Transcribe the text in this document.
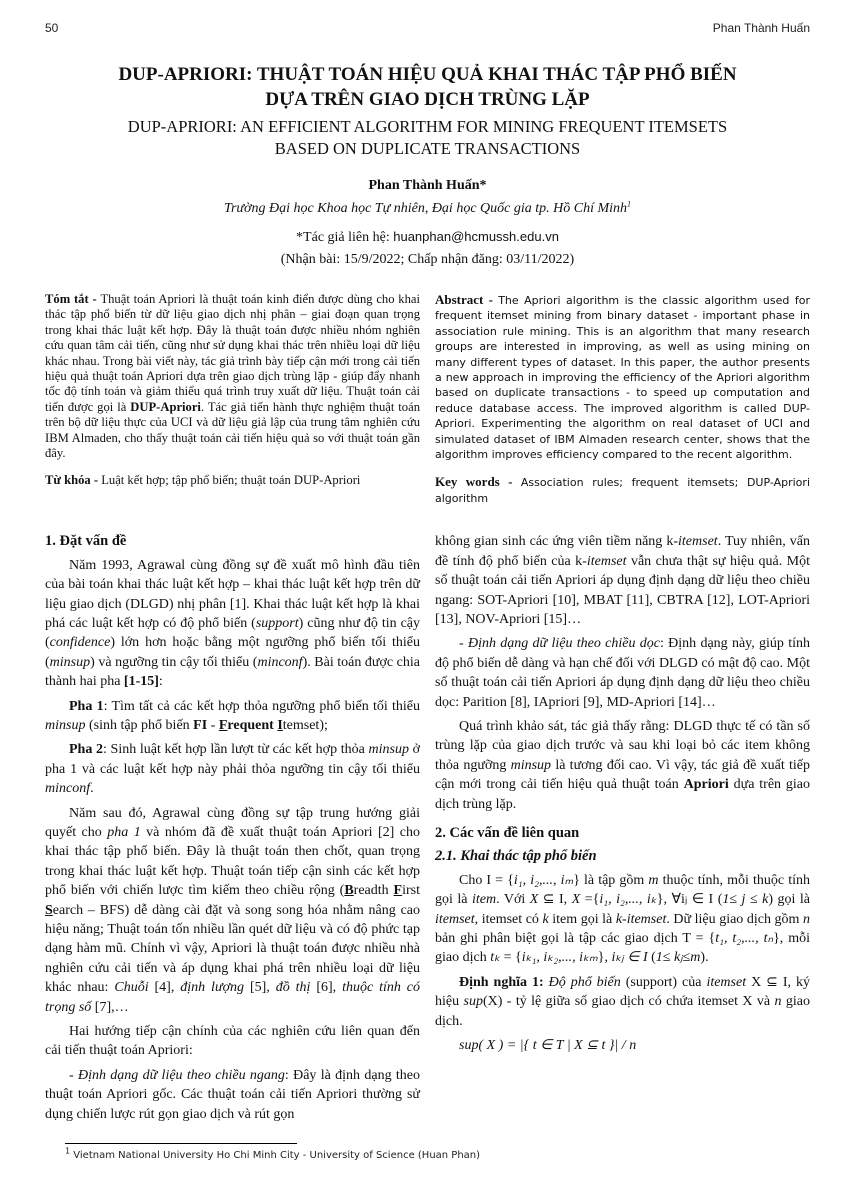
50	Phan Thành Huấn
DUP-APRIORI: THUẬT TOÁN HIỆU QUẢ KHAI THÁC TẬP PHỔ BIẾN
DỰA TRÊN GIAO DỊCH TRÙNG LẶP
DUP-APRIORI: AN EFFICIENT ALGORITHM FOR MINING FREQUENT ITEMSETS
BASED ON DUPLICATE TRANSACTIONS
Phan Thành Huấn*
Trường Đại học Khoa học Tự nhiên, Đại học Quốc gia tp. Hồ Chí Minh$^1$
*Tác giả liên hệ: huanphan@hcmussh.edu.vn
(Nhận bài: 15/9/2022; Chấp nhận đăng: 03/11/2022)
Tóm tắt - Thuật toán Apriori là thuật toán kinh điển được dùng cho khai thác tập phổ biến từ dữ liệu giao dịch nhị phân – giai đoạn quan trọng trong khai thác luật kết hợp. Đây là thuật toán được nhiều nhóm nghiên cứu quan tâm cải tiến, cũng như sử dụng khai thác trên nhiều loại dữ liệu khác nhau. Trong bài viết này, tác giả trình bày tiếp cận mới trong cải tiến hiệu quả thuật toán Apriori dựa trên giao dịch trùng lặp - giúp đẩy nhanh tốc độ tính toán và giảm thiểu quá trình truy xuất dữ liệu. Thuật toán cải tiến được gọi là DUP-Apriori. Tác giả tiến hành thực nghiệm thuật toán trên bộ dữ liệu thực của UCI và dữ liệu giả lập của trung tâm nghiên cứu IBM Almaden, cho thấy thuật toán cải tiến hiệu quả so với thuật toán gần đây.
Từ khóa - Luật kết hợp; tập phổ biến; thuật toán DUP-Apriori
Abstract - The Apriori algorithm is the classic algorithm used for frequent itemset mining from binary dataset - important phase in association rule mining. This is an algorithm that many research groups are interested in improving, as well as using mining on many different types of dataset. In this paper, the author presents a new approach in improving the efficiency of the Apriori algorithm based on duplicate transactions - to speed up computation and reduce database access. The improved algorithm is called DUP-Apriori. Experimenting the algorithm on real dataset of UCI and simulated dataset of IBM Almaden research center, shows that the algorithm improves efficiency compared to the recent algorithm.
Key words - Association rules; frequent itemsets; DUP-Apriori algorithm
1. Đặt vấn đề

Năm 1993, Agrawal cùng đồng sự đề xuất mô hình đầu tiên của bài toán khai thác luật kết hợp – khai thác luật kết hợp trên dữ liệu giao dịch (DLGD) nhị phân [1]. Khai thác luật kết hợp là khai phá các luật kết hợp có độ phổ biến (support) cũng như độ tin cậy (confidence) lớn hơn hoặc bằng một ngưỡng phổ biến tối thiểu (minsup) và ngưỡng tin cậy tối thiểu (minconf). Bài toán được chia thành hai pha [1-15]:

Pha 1: Tìm tất cả các kết hợp thỏa ngưỡng phổ biến tối thiểu minsup (sinh tập phổ biến FI - Frequent Itemset);

Pha 2: Sinh luật kết hợp lần lượt từ các kết hợp thỏa minsup ở pha 1 và các luật kết hợp này phải thỏa ngưỡng tin cậy tối thiểu minconf.

Năm sau đó, Agrawal cùng đồng sự tập trung hướng giải quyết cho pha 1 và nhóm đã đề xuất thuật toán Apriori [2] cho khai thác tập phổ biến. Đây là thuật toán then chốt, quan trọng trong khai thác luật kết hợp. Thuật toán tiếp cận sinh các kết hợp phổ biến với chiến lược tìm kiếm theo chiều rộng (Breadth First Search – BFS) dễ dàng cài đặt và song song hóa nhằm nâng cao hiệu năng; Thuật toán tốn nhiều lần quét dữ liệu và có độ phức tạp dạng hàm mũ. Chính vì vậy, Apriori là thuật toán được nhiều nhà nghiên cứu cải tiến và áp dụng khai phá trên nhiều loại dữ liệu khác nhau: Chuỗi [4], định lượng [5], đồ thị [6], thuộc tính có trọng số [7],…

Hai hướng tiếp cận chính của các nghiên cứu liên quan đến cải tiến thuật toán Apriori:

- Định dạng dữ liệu theo chiều ngang: Đây là định dạng theo thuật toán Apriori gốc. Các thuật toán cải tiến Apriori thường sử dụng chiến lược rút gọn giao dịch và rút gọn

không gian sinh các ứng viên tiềm năng k-itemset. Tuy nhiên, vấn đề tính độ phổ biến của k-itemset vẫn chưa thật sự hiệu quả. Một số thuật toán cải tiến Apriori áp dụng định dạng dữ liệu theo chiều ngang: SOT-Apriori [10], MBAT [11], CBTRA [12], LOT-Apriori [13], NOV-Apriori [15]…

- Định dạng dữ liệu theo chiều dọc: Định dạng này, giúp tính độ phổ biến dễ dàng và hạn chế đối với DLGD có mật độ cao. Một số thuật toán cải tiến Apriori áp dụng định dạng dữ liệu theo chiều dọc: Parition [8], IApriori [9], MD-Apriori [14]…

Quá trình khảo sát, tác giả thấy rằng: DLGD thực tế có tần số trùng lặp của giao dịch trước và sau khi loại bỏ các item không thỏa ngưỡng minsup là tương đối cao. Vì vậy, tác giả đề xuất tiếp cận mới trong cải tiến hiệu quả thuật toán Apriori dựa trên giao dịch trùng lặp.

2. Các vấn đề liên quan
2.1. Khai thác tập phổ biến

Cho I = {i₁, i₂,..., iₘ} là tập gồm m thuộc tính, mỗi thuộc tính gọi là item. Với X ⊆ I, X ={i₁, i₂,..., iₖ}, ∀iⱼ ∈ I (1≤ j ≤ k) gọi là itemset, itemset có k item gọi là k-itemset. Dữ liệu giao dịch gồm n bản ghi phân biệt gọi là tập các giao dịch T = {t₁, t₂,..., tₙ}, mỗi giao dịch tₖ = {iₖ₁, iₖ₂,..., iₖₘ}, iₖⱼ ∈ I (1≤ kⱼ≤m).

Định nghĩa 1: Độ phổ biến (support) của itemset X ⊆ I, ký hiệu sup(X) - tỷ lệ giữa số giao dịch có chứa itemset X và n giao dịch.

sup( X ) = |{ t ∈ T | X ⊆ t }| / n
$^1$ Vietnam National University Ho Chi Minh City - University of Science (Huan Phan)
